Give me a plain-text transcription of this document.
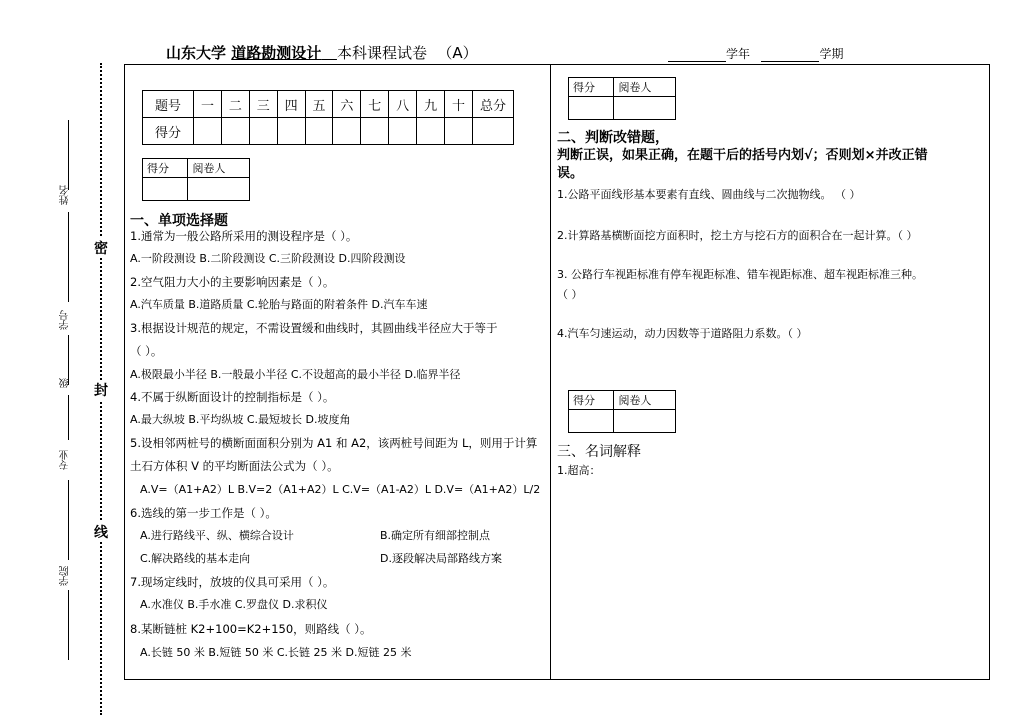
山东大学 道路勘测设计 本科课程试卷 （A）	学年	学期
姓名
学号
级
专业
学院
密
封
线
题号	一	二	三	四	五	六	七	八	九	十	总分
得分											
得分	阅卷人

一、单项选择题
1.通常为一般公路所采用的测设程序是（ ）。
A.一阶段测设 B.二阶段测设 C.三阶段测设 D.四阶段测设
2.空气阻力大小的主要影响因素是（ ）。
A.汽车质量 B.道路质量 C.轮胎与路面的附着条件 D.汽车车速
3.根据设计规范的规定，不需设置缓和曲线时，其圆曲线半径应大于等于
（ ）。
A.极限最小半径 B.一般最小半径 C.不设超高的最小半径 D.临界半径
4.不属于纵断面设计的控制指标是（ ）。
A.最大纵坡 B.平均纵坡 C.最短坡长 D.坡度角
5.设相邻两桩号的横断面面积分别为 A1 和 A2，该两桩号间距为 L，则用于计算
土石方体积 V 的平均断面法公式为（ ）。
A.V=（A1+A2）L B.V=2（A1+A2）L C.V=（A1-A2）L D.V=（A1+A2）L/2
6.选线的第一步工作是（ ）。
A.进行路线平、纵、横综合设计	B.确定所有细部控制点
C.解决路线的基本走向	D.逐段解决局部路线方案
7.现场定线时，放坡的仪具可采用（ ）。
A.水准仪 B.手水准 C.罗盘仪 D.求积仪
8.某断链桩 K2+100=K2+150，则路线（ ）。
A.长链 50 米 B.短链 50 米 C.长链 25 米 D.短链 25 米
得分	阅卷人

二、判断改错题，
判断正误，如果正确，在题干后的括号内划√；否则划×并改正错
误。
1.公路平面线形基本要素有直线、圆曲线与二次抛物线。 （ ）
2.计算路基横断面挖方面积时，挖土方与挖石方的面积合在一起计算。（ ）
3. 公路行车视距标准有停车视距标准、错车视距标准、超车视距标准三种。
（ ）
4.汽车匀速运动，动力因数等于道路阻力系数。（ ）
得分	阅卷人

三、名词解释
1.超高：
